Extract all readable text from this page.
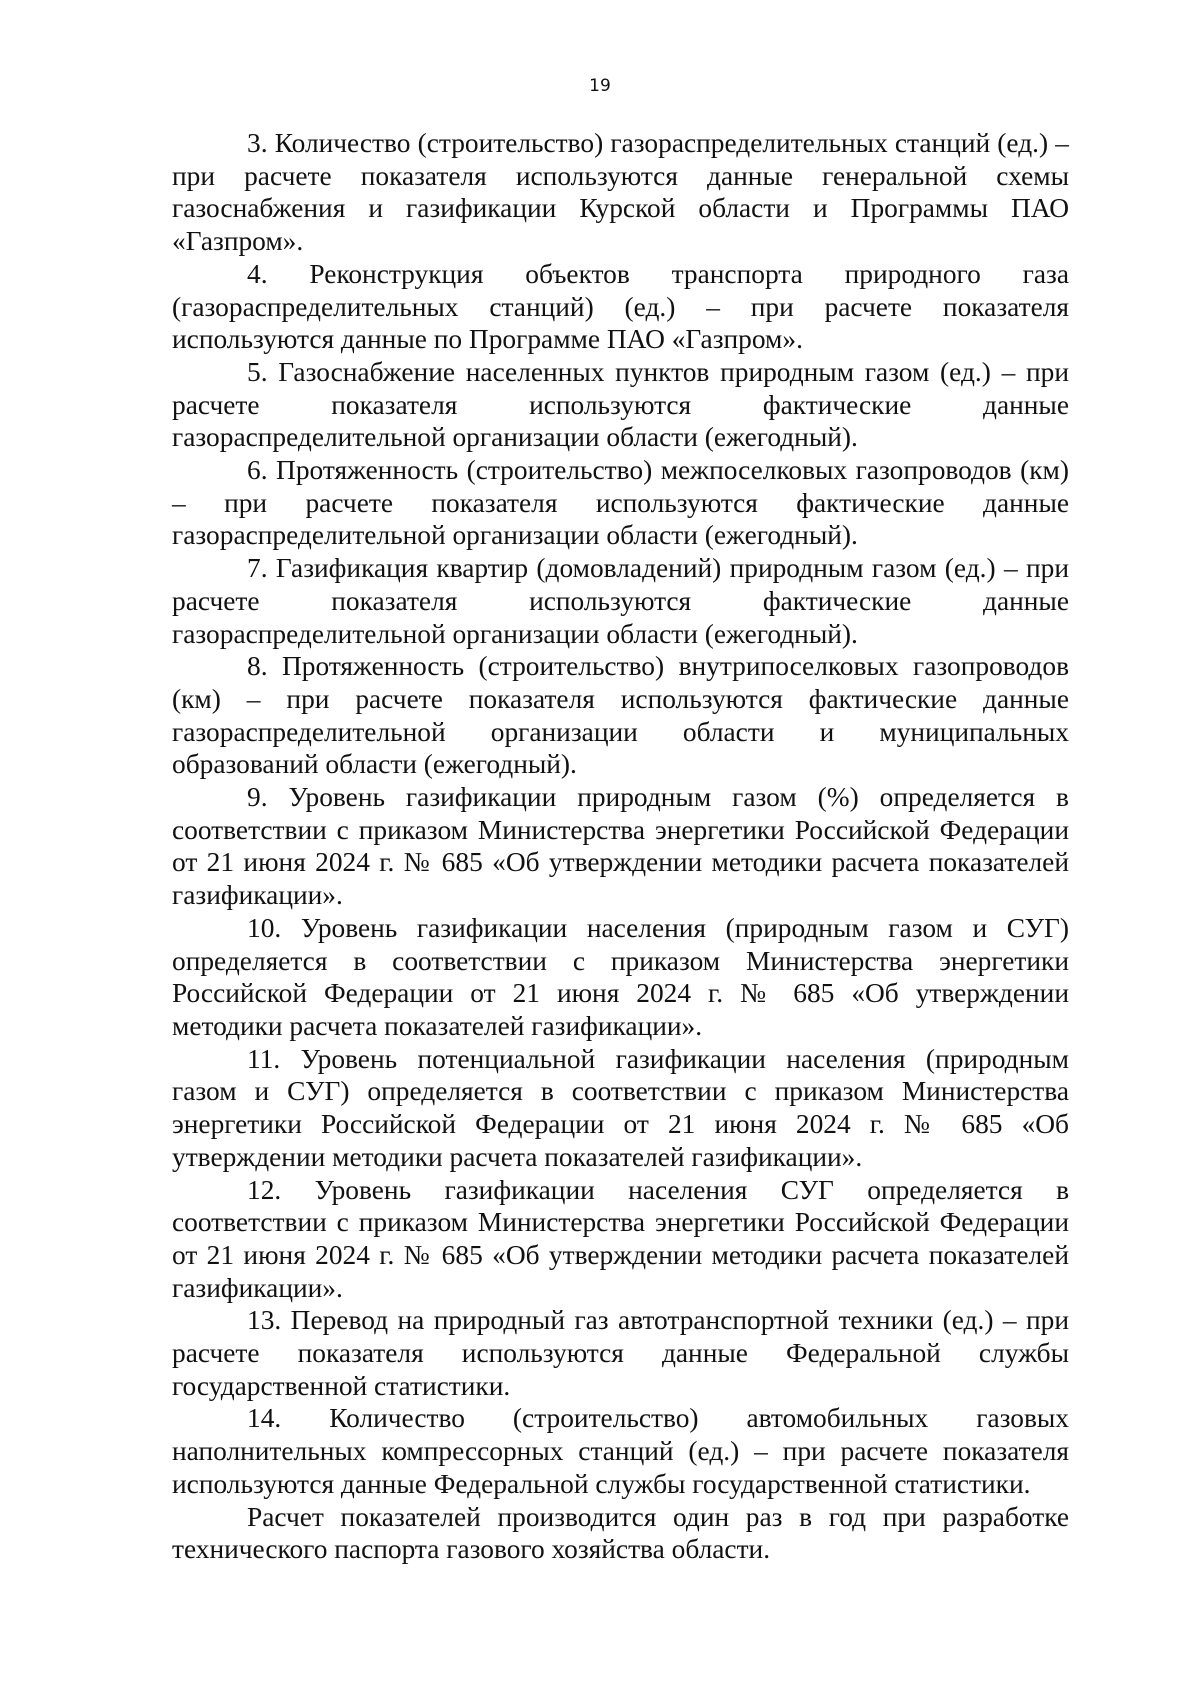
19

3. Количество (строительство) газораспределительных станций (ед.) – при расчете показателя используются данные генеральной схемы газоснабжения и газификации Курской области и Программы ПАО «Газпром».

4. Реконструкция объектов транспорта природного газа (газораспределительных станций) (ед.) – при расчете показателя используются данные по Программе ПАО «Газпром».

5. Газоснабжение населенных пунктов природным газом (ед.) – при расчете показателя используются фактические данные газораспределительной организации области (ежегодный).

6. Протяженность (строительство) межпоселковых газопроводов (км) – при расчете показателя используются фактические данные газораспределительной организации области (ежегодный).

7. Газификация квартир (домовладений) природным газом (ед.) – при расчете показателя используются фактические данные газораспределительной организации области (ежегодный).

8. Протяженность (строительство) внутрипоселковых газопроводов (км) – при расчете показателя используются фактические данные газораспределительной организации области и муниципальных образований области (ежегодный).

9. Уровень газификации природным газом (%) определяется в соответствии с приказом Министерства энергетики Российской Федерации от 21 июня 2024 г. № 685 «Об утверждении методики расчета показателей газификации».

10. Уровень газификации населения (природным газом и СУГ) определяется в соответствии с приказом Министерства энергетики Российской Федерации от 21 июня 2024 г. № 685 «Об утверждении методики расчета показателей газификации».

11. Уровень потенциальной газификации населения (природным газом и СУГ) определяется в соответствии с приказом Министерства энергетики Российской Федерации от 21 июня 2024 г. № 685 «Об утверждении методики расчета показателей газификации».

12. Уровень газификации населения СУГ определяется в соответствии с приказом Министерства энергетики Российской Федерации от 21 июня 2024 г. № 685 «Об утверждении методики расчета показателей газификации».

13. Перевод на природный газ автотранспортной техники (ед.) – при расчете показателя используются данные Федеральной службы государственной статистики.

14. Количество (строительство) автомобильных газовых наполнительных компрессорных станций (ед.) – при расчете показателя используются данные Федеральной службы государственной статистики.

Расчет показателей производится один раз в год при разработке технического паспорта газового хозяйства области.
